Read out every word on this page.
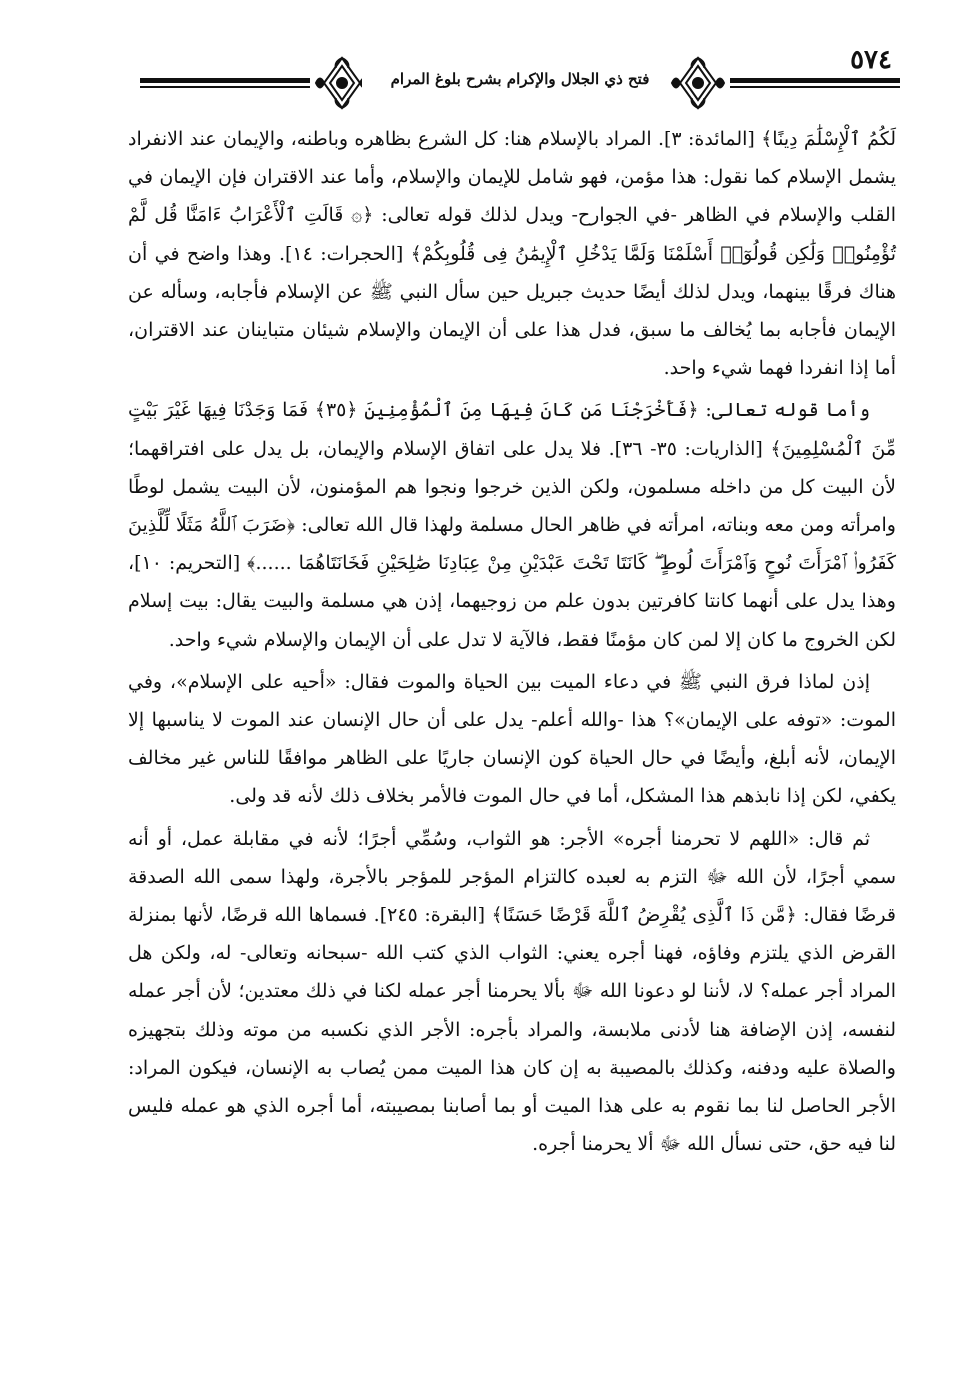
فتح ذي الجلال والإكرام بشرح بلوغ المرام
٥٧٤

لَكُمُ ٱلْإِسْلَٰمَ دِينًا﴾ [المائدة: ٣]. المراد بالإسلام هنا: كل الشرع بظاهره وباطنه، والإيمان عند الانفراد يشمل الإسلام كما نقول: هذا مؤمن، فهو شامل للإيمان والإسلام، وأما عند الاقتران فإن الإيمان في القلب والإسلام في الظاهر -في الجوارح- ويدل لذلك قوله تعالى: ﴿۞ قَالَتِ ٱلْأَعْرَابُ ءَامَنَّا قُل لَّمْ تُؤْمِنُوا۟ وَلَٰكِن قُولُوٓا۟ أَسْلَمْنَا وَلَمَّا يَدْخُلِ ٱلْإِيمَٰنُ فِى قُلُوبِكُمْ﴾ [الحجرات: ١٤]. وهذا واضح في أن هناك فرقًا بينهما، ويدل لذلك أيضًا حديث جبريل حين سأل النبي ﷺ عن الإسلام فأجابه، وسأله عن الإيمان فأجابه بما يُخالف ما سبق، فدل هذا على أن الإيمان والإسلام شيئان متباينان عند الاقتران، أما إذا انفردا فهما شيء واحد.

وأما قوله تعالى: ﴿فَأَخْرَجْنَا مَن كَانَ فِيهَا مِنَ ٱلْمُؤْمِنِينَ ﴿٣٥﴾ فَمَا وَجَدْنَا فِيهَا غَيْرَ بَيْتٍ مِّنَ ٱلْمُسْلِمِينَ﴾ [الذاريات: ٣٥- ٣٦]. فلا يدل على اتفاق الإسلام والإيمان، بل يدل على افتراقهما؛ لأن البيت كل من داخله مسلمون، ولكن الذين خرجوا ونجوا هم المؤمنون، لأن البيت يشمل لوطًا وامرأته ومن معه وبناته، امرأته في ظاهر الحال مسلمة ولهذا قال الله تعالى: ﴿ضَرَبَ ٱللَّهُ مَثَلًا لِّلَّذِينَ كَفَرُوا۟ ٱمْرَأَتَ نُوحٍ وَٱمْرَأَتَ لُوطٍ ۖ كَانَتَا تَحْتَ عَبْدَيْنِ مِنْ عِبَادِنَا صَٰلِحَيْنِ فَخَانَتَاهُمَا ......﴾ [التحريم: ١٠]، وهذا يدل على أنهما كانتا كافرتين بدون علم من زوجيهما، إذن هي مسلمة والبيت يقال: بيت إسلام لكن الخروج ما كان إلا لمن كان مؤمنًا فقط، فالآية لا تدل على أن الإيمان والإسلام شيء واحد.

إذن لماذا فرق النبي ﷺ في دعاء الميت بين الحياة والموت فقال: «أحيه على الإسلام»، وفي الموت: «توفه على الإيمان»؟ هذا -والله أعلم- يدل على أن حال الإنسان عند الموت لا يناسبها إلا الإيمان، لأنه أبلغ، وأيضًا في حال الحياة كون الإنسان جاريًا على الظاهر موافقًا للناس غير مخالف يكفي، لكن إذا نابذهم هذا المشكل، أما في حال الموت فالأمر بخلاف ذلك لأنه قد ولى.

ثم قال: «اللهم لا تحرمنا أجره» الأجر: هو الثواب، وسُمِّي أجرًا؛ لأنه في مقابلة عمل، أو أنه سمي أجرًا، لأن الله ﷻ التزم به لعبده كالتزام المؤجر للمؤجر بالأجرة، ولهذا سمى الله الصدقة قرضًا فقال: ﴿مَّن ذَا ٱلَّذِى يُقْرِضُ ٱللَّهَ قَرْضًا حَسَنًا﴾ [البقرة: ٢٤٥]. فسماها الله قرضًا، لأنها بمنزلة القرض الذي يلتزم وفاؤه، فهنا أجره يعني: الثواب الذي كتب الله -سبحانه وتعالى- له، ولكن هل المراد أجر عمله؟ لا، لأننا لو دعونا الله ﷻ بألا يحرمنا أجر عمله لكنا في ذلك معتدين؛ لأن أجر عمله لنفسه، إذن الإضافة هنا لأدنى ملابسة، والمراد بأجره: الأجر الذي نكسبه من موته وذلك بتجهيزه والصلاة عليه ودفنه، وكذلك بالمصيبة به إن كان هذا الميت ممن يُصاب به الإنسان، فيكون المراد: الأجر الحاصل لنا بما نقوم به على هذا الميت أو بما أصابنا بمصيبته، أما أجره الذي هو عمله فليس لنا فيه حق، حتى نسأل الله ﷻ ألا يحرمنا أجره.
